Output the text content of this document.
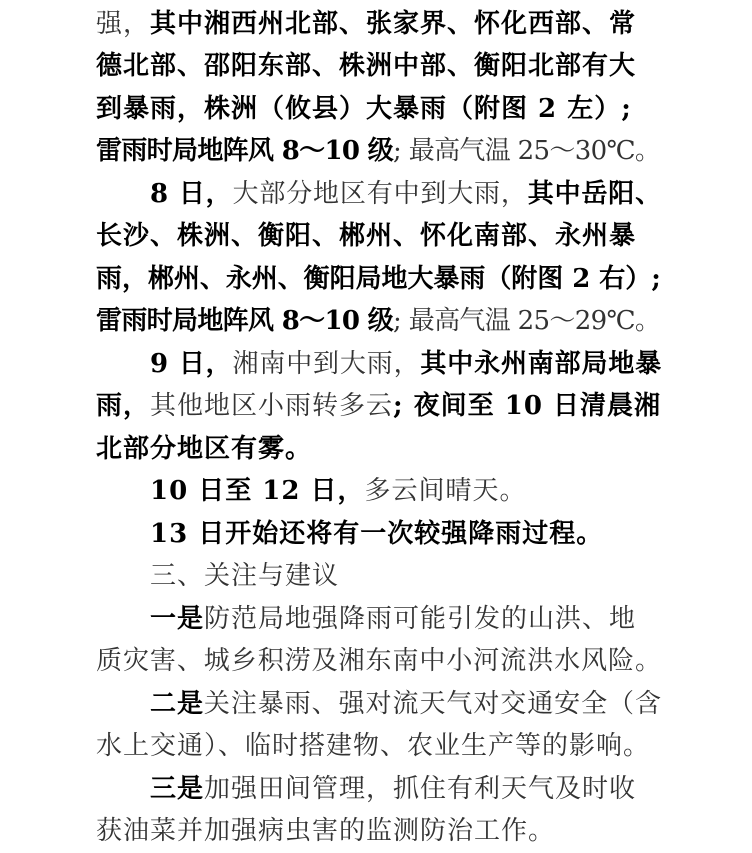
强，其中湘西州北部、张家界、怀化西部、常
德北部、邵阳东部、株洲中部、衡阳北部有大
到暴雨，株洲（攸县）大暴雨（附图 2 左）;
雷雨时局地阵风 8～10 级; 最高气温 25～30℃。
8 日，大部分地区有中到大雨，其中岳阳、
长沙、株洲、衡阳、郴州、怀化南部、永州暴
雨，郴州、永州、衡阳局地大暴雨（附图 2 右）;
雷雨时局地阵风 8～10 级; 最高气温 25～29℃。
9 日，湘南中到大雨，其中永州南部局地暴
雨，其他地区小雨转多云; 夜间至 10 日清晨湘
北部分地区有雾。
10 日至 12 日，多云间晴天。
13 日开始还将有一次较强降雨过程。
三、关注与建议
一是防范局地强降雨可能引发的山洪、地
质灾害、城乡积涝及湘东南中小河流洪水风险。
二是关注暴雨、强对流天气对交通安全（含
水上交通）、临时搭建物、农业生产等的影响。
三是加强田间管理，抓住有利天气及时收
获油菜并加强病虫害的监测防治工作。
